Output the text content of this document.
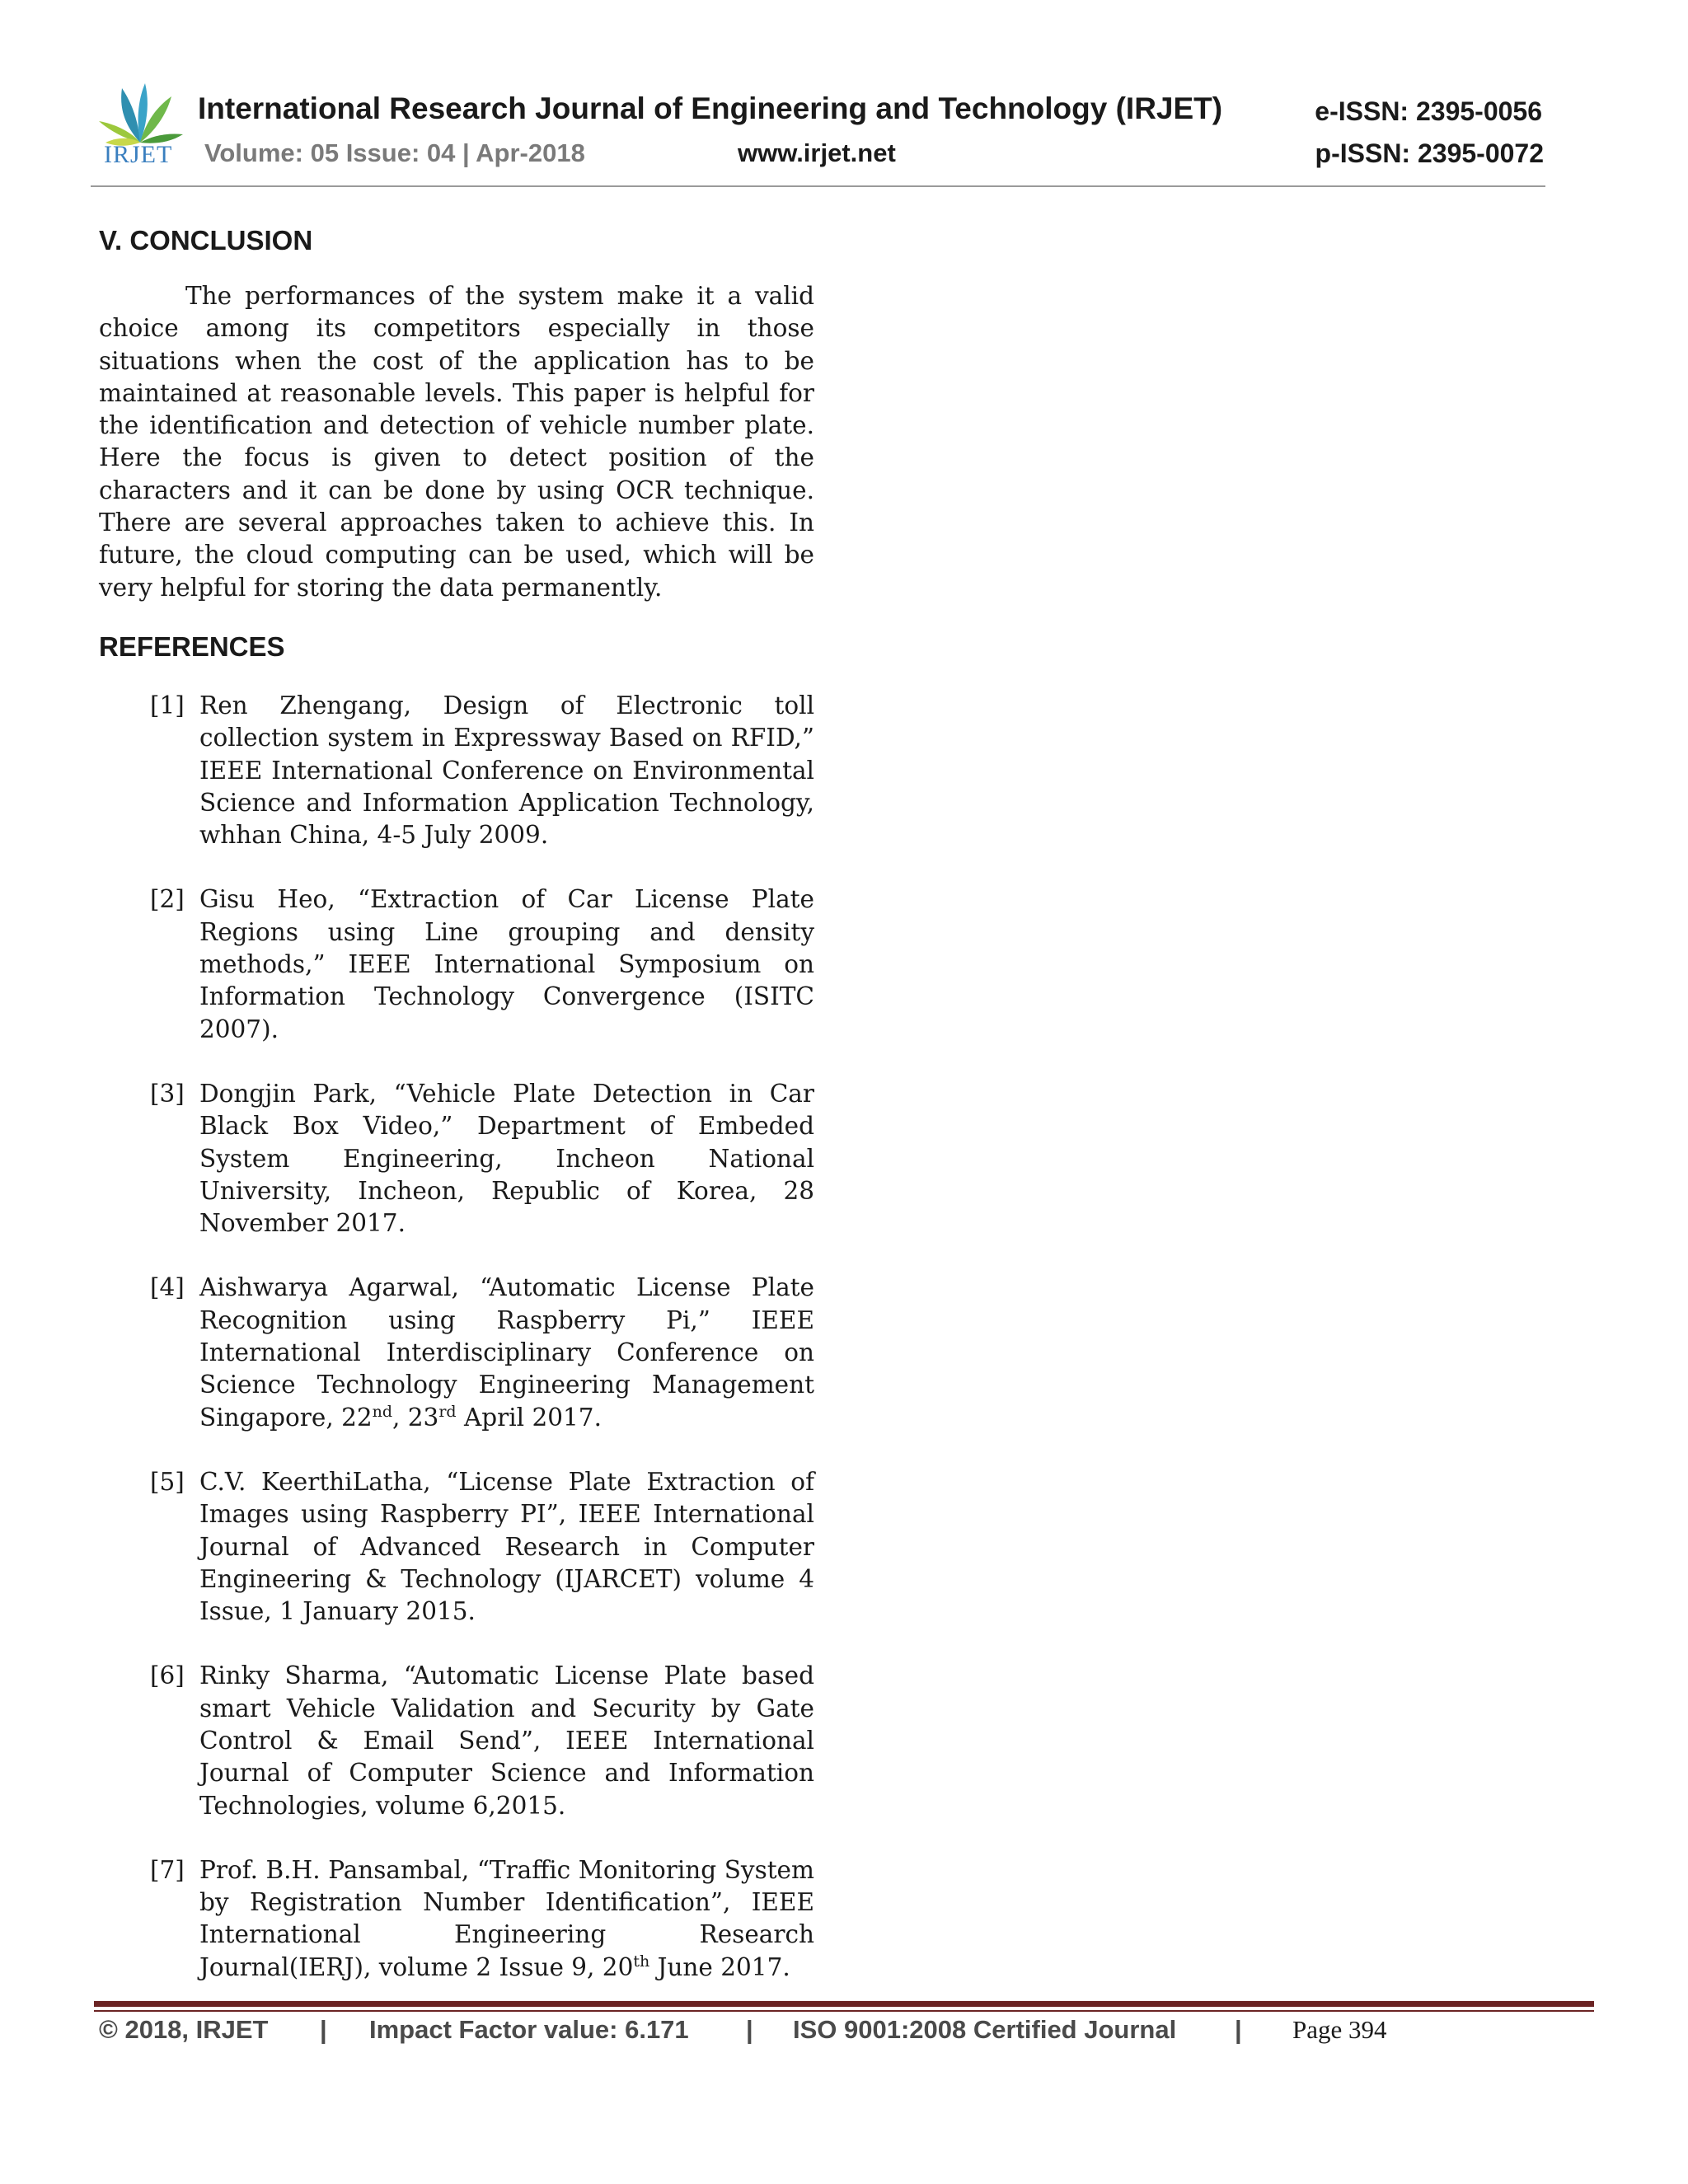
IRJET
International Research Journal of Engineering and Technology (IRJET)	e-ISSN: 2395-0056
Volume: 05 Issue: 04 | Apr-2018	www.irjet.net	p-ISSN: 2395-0072
V. CONCLUSION

The performances of the system make it a valid choice among its competitors especially in those situations when the cost of the application has to be maintained at reasonable levels. This paper is helpful for the identification and detection of vehicle number plate. Here the focus is given to detect position of the characters and it can be done by using OCR technique. There are several approaches taken to achieve this. In future, the cloud computing can be used, which will be very helpful for storing the data permanently.

REFERENCES
[1] Ren Zhengang, Design of Electronic toll collection system in Expressway Based on RFID,” IEEE International Conference on Environmental Science and Information Application Technology, whhan China, 4-5 July 2009.
[2] Gisu Heo, “Extraction of Car License Plate Regions using Line grouping and density methods,” IEEE International Symposium on Information Technology Convergence (ISITC 2007).
[3] Dongjin Park, “Vehicle Plate Detection in Car Black Box Video,” Department of Embeded System Engineering, Incheon National University, Incheon, Republic of Korea, 28 November 2017.
[4] Aishwarya Agarwal, “Automatic License Plate Recognition using Raspberry Pi,” IEEE International Interdisciplinary Conference on Science Technology Engineering Management Singapore, 22nd, 23rd April 2017.
[5] C.V. KeerthiLatha, “License Plate Extraction of Images using Raspberry PI”, IEEE International Journal of Advanced Research in Computer Engineering & Technology (IJARCET) volume 4 Issue, 1 January 2015.
[6] Rinky Sharma, “Automatic License Plate based smart Vehicle Validation and Security by Gate Control & Email Send”, IEEE International Journal of Computer Science and Information Technologies, volume 6,2015.
[7] Prof. B.H. Pansambal, “Traffic Monitoring System by Registration Number Identification”, IEEE International Engineering Research Journal(IERJ), volume 2 Issue 9, 20th June 2017.
© 2018, IRJET | Impact Factor value: 6.171 | ISO 9001:2008 Certified Journal | Page 394
